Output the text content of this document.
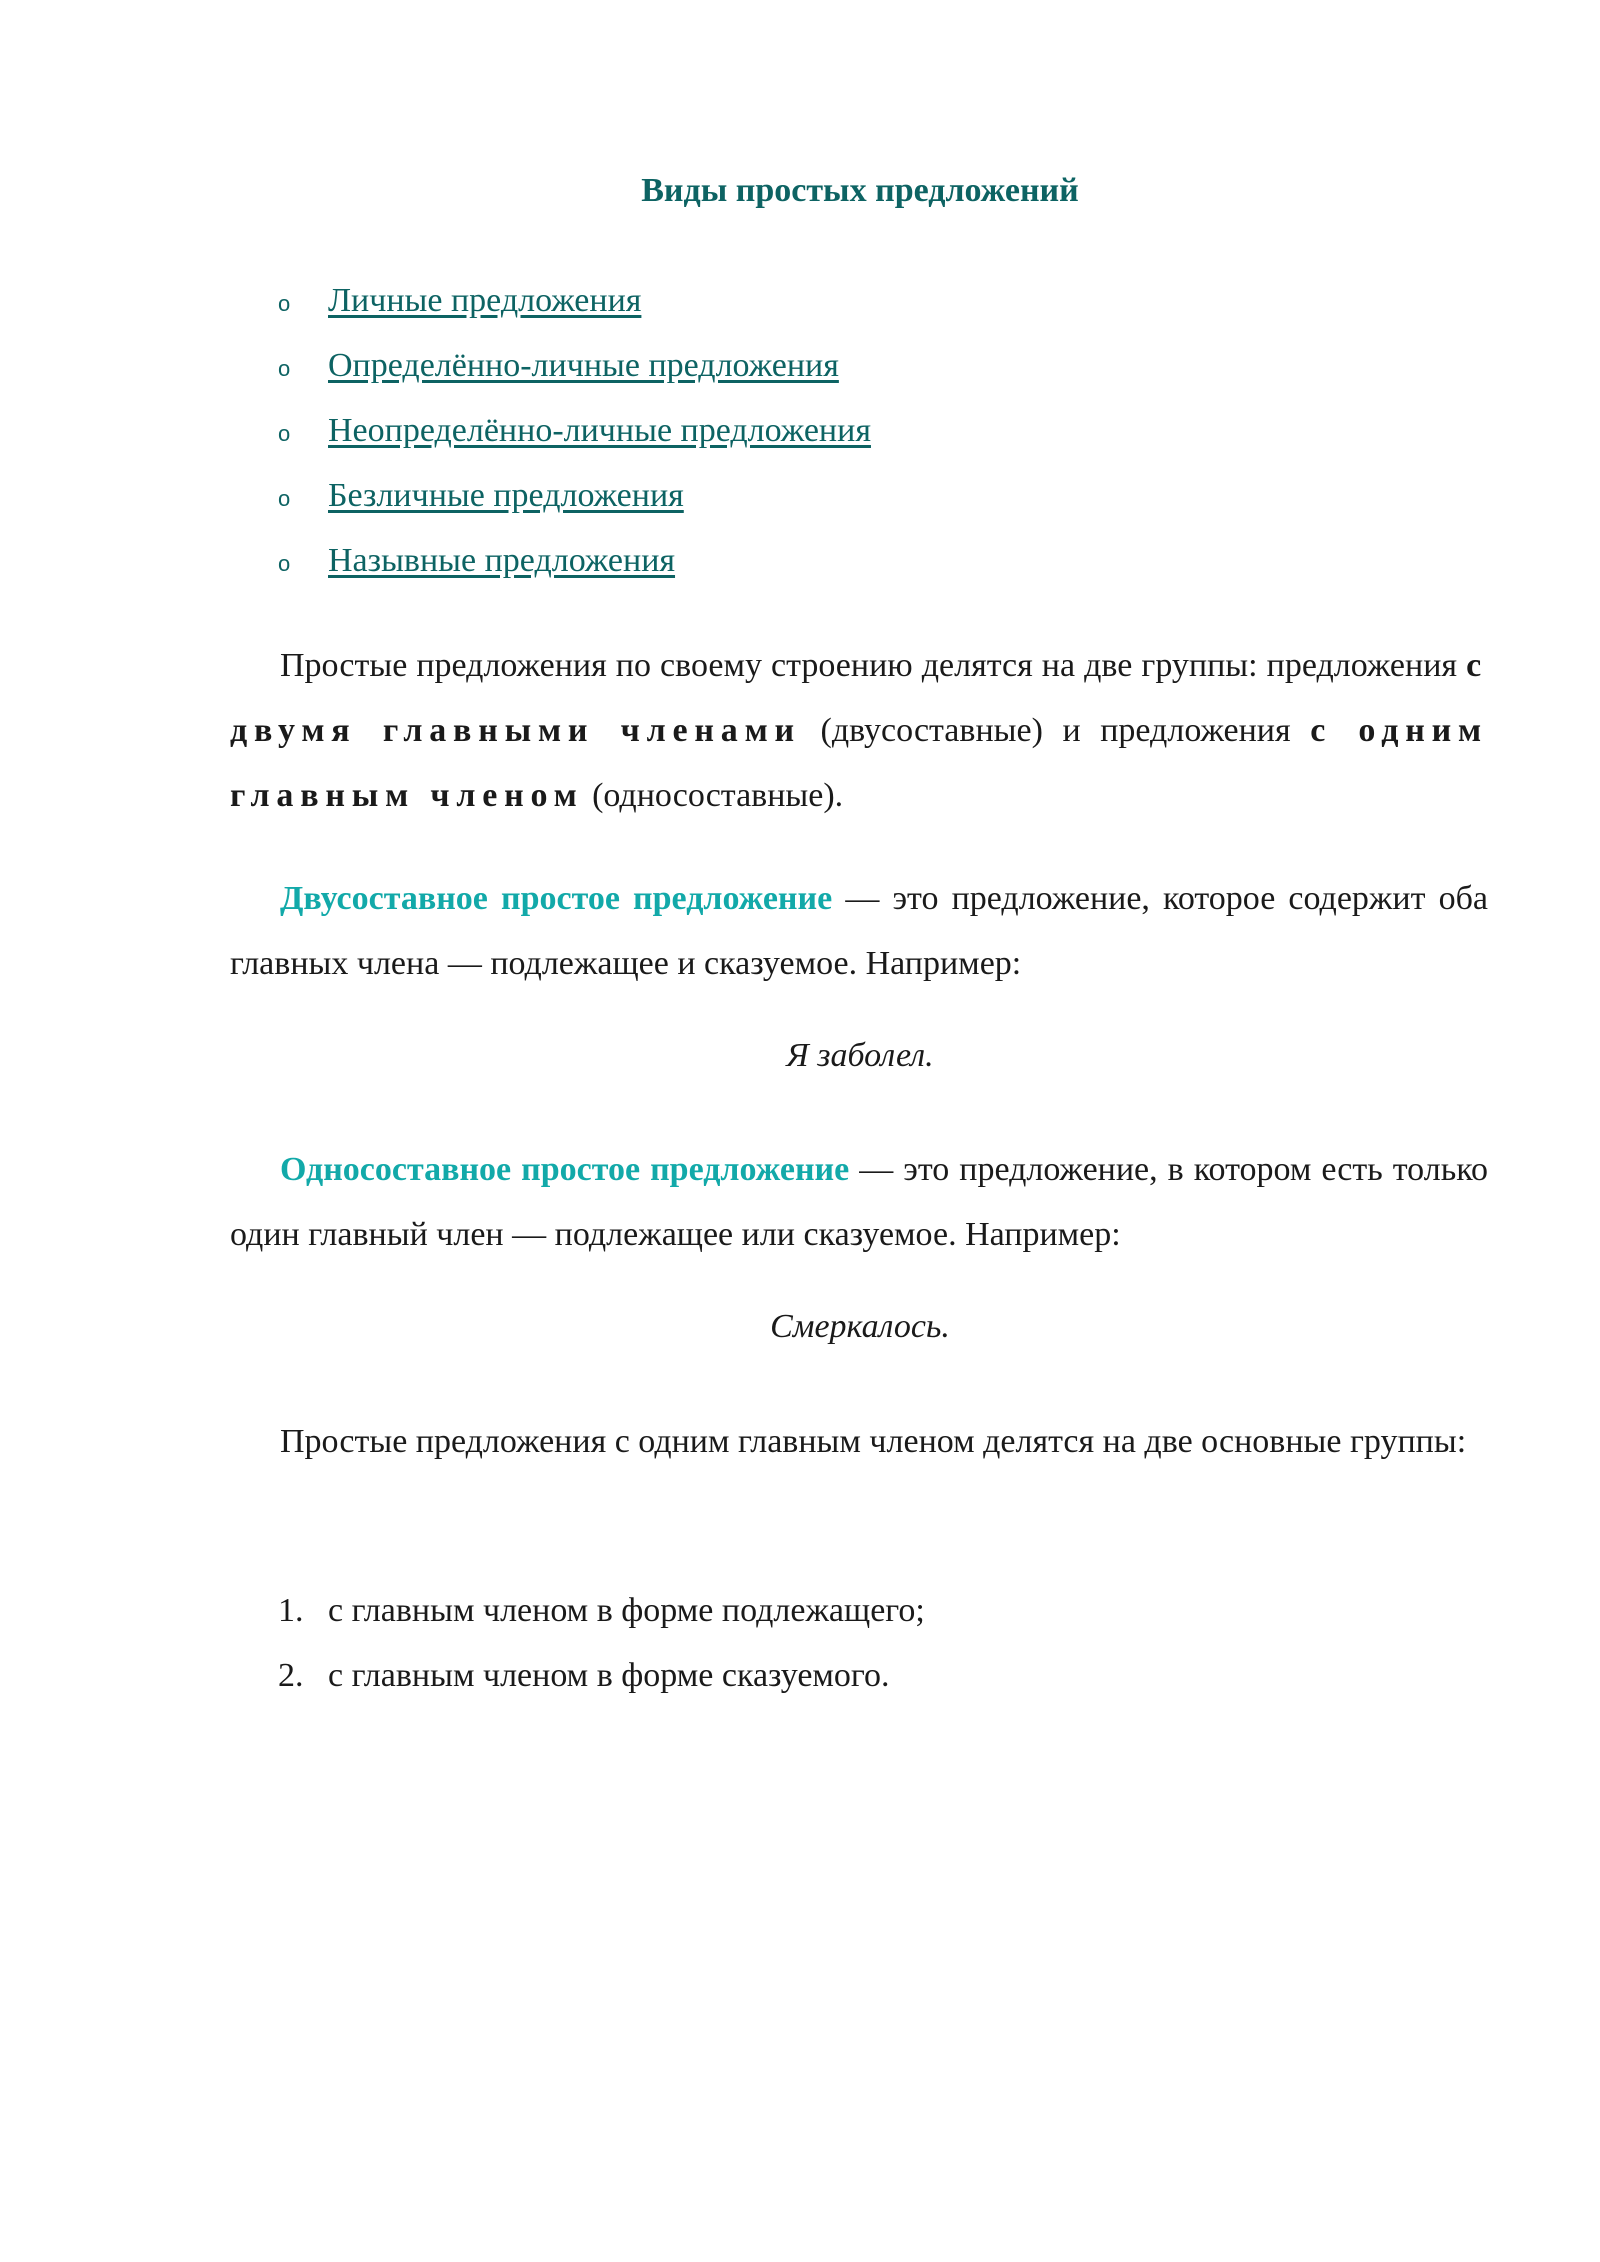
Виды простых предложений
o Личные предложения
o Определённо-личные предложения
o Неопределённо-личные предложения
o Безличные предложения
o Назывные предложения

Простые предложения по своему строению делятся на две группы: предложения с двумя главными членами (двусоставные) и предложения с одним главным членом (односоставные).

Двусоставное простое предложение — это предложение, которое содержит оба главных члена — подлежащее и сказуемое. Например:

Я заболел.

Односоставное простое предложение — это предложение, в котором есть только один главный член — подлежащее или сказуемое. Например:

Смеркалось.

Простые предложения с одним главным членом делятся на две основные группы:

1. с главным членом в форме подлежащего;
2. с главным членом в форме сказуемого.
